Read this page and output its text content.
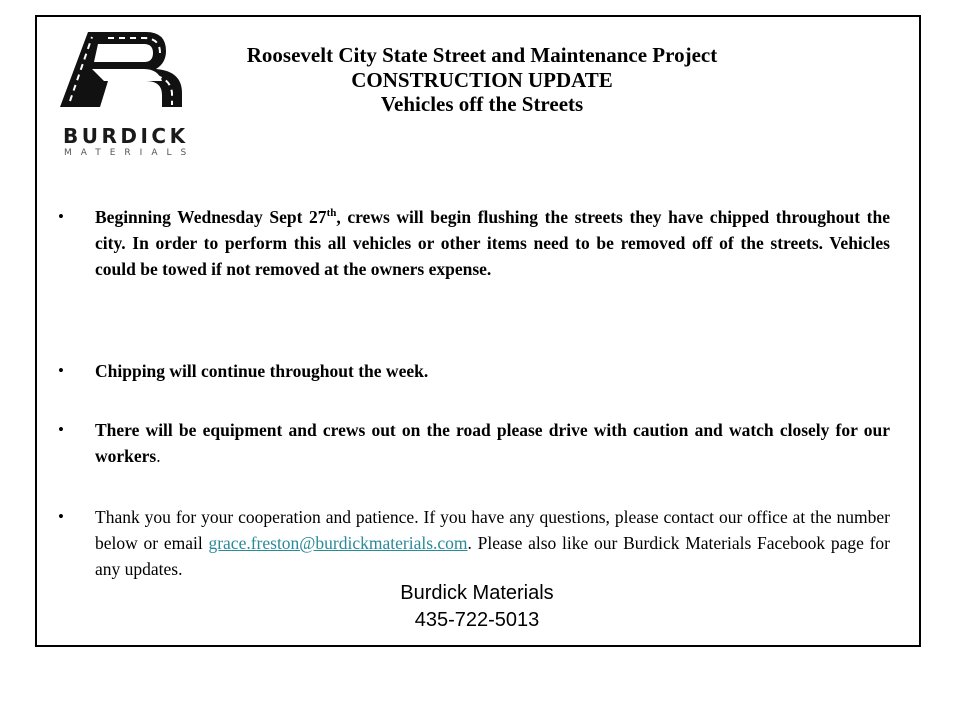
BURDICK
MATERIALS
Roosevelt City State Street and Maintenance Project
CONSTRUCTION UPDATE
Vehicles off the Streets
• Beginning Wednesday Sept 27th, crews will begin flushing the streets they have chipped throughout the city. In order to perform this all vehicles or other items need to be removed off of the streets. Vehicles could be towed if not removed at the owners expense.
• Chipping will continue throughout the week.
• There will be equipment and crews out on the road please drive with caution and watch closely for our workers.
• Thank you for your cooperation and patience. If you have any questions, please contact our office at the number below or email grace.freston@burdickmaterials.com. Please also like our Burdick Materials Facebook page for any updates.
Burdick Materials
435-722-5013
